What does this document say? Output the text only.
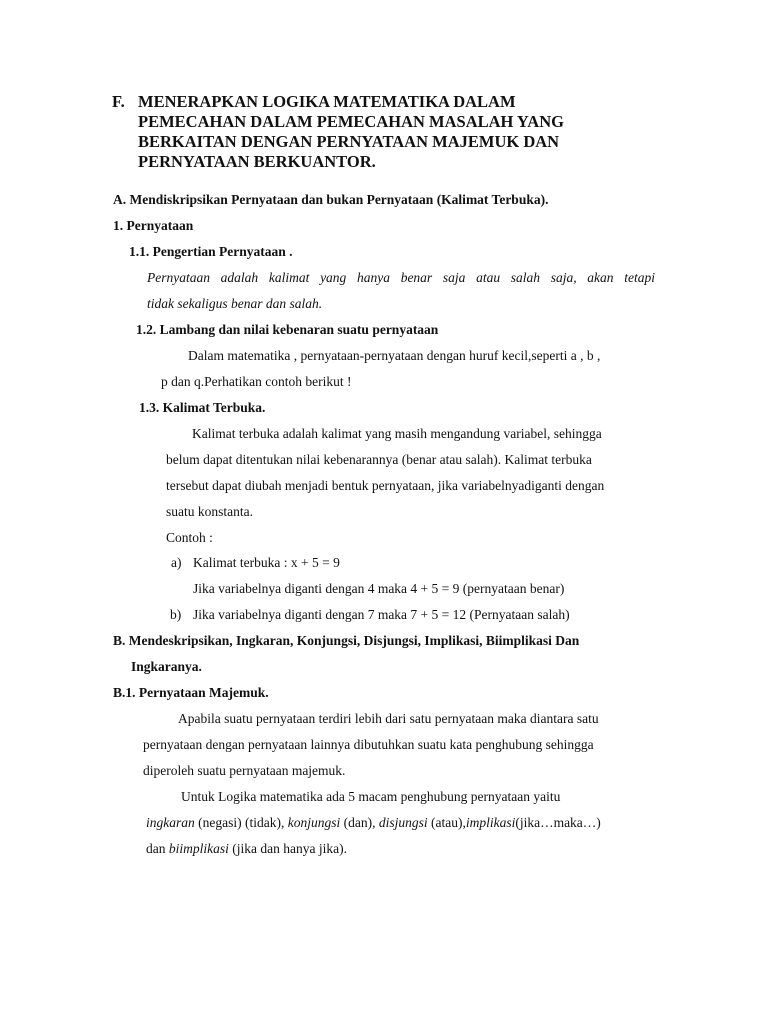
F. MENERAPKAN LOGIKA MATEMATIKA DALAM
PEMECAHAN DALAM PEMECAHAN MASALAH YANG
BERKAITAN DENGAN PERNYATAAN MAJEMUK DAN
PERNYATAAN BERKUANTOR.
A. Mendiskripsikan Pernyataan dan bukan Pernyataan (Kalimat Terbuka).
1. Pernyataan
1.1. Pengertian Pernyataan .
Pernyataan adalah kalimat yang hanya benar saja atau salah saja, akan tetapi
tidak sekaligus benar dan salah.
1.2. Lambang dan nilai kebenaran suatu pernyataan
Dalam matematika , pernyataan-pernyataan dengan huruf kecil,seperti a , b ,
p dan q.Perhatikan contoh berikut !
1.3. Kalimat Terbuka.
Kalimat terbuka adalah kalimat yang masih mengandung variabel, sehingga
belum dapat ditentukan nilai kebenarannya (benar atau salah). Kalimat terbuka
tersebut dapat diubah menjadi bentuk pernyataan, jika variabelnyadiganti dengan
suatu konstanta.
Contoh :
a) Kalimat terbuka : x + 5 = 9
Jika variabelnya diganti dengan 4 maka 4 + 5 = 9 (pernyataan benar)
b) Jika variabelnya diganti dengan 7 maka 7 + 5 = 12 (Pernyataan salah)
B. Mendeskripsikan, Ingkaran, Konjungsi, Disjungsi, Implikasi, Biimplikasi Dan
Ingkaranya.
B.1. Pernyataan Majemuk.
Apabila suatu pernyataan terdiri lebih dari satu pernyataan maka diantara satu
pernyataan dengan pernyataan lainnya dibutuhkan suatu kata penghubung sehingga
diperoleh suatu pernyataan majemuk.
Untuk Logika matematika ada 5 macam penghubung pernyataan yaitu
ingkaran (negasi) (tidak), konjungsi (dan), disjungsi (atau),implikasi(jika…maka…)
dan biimplikasi (jika dan hanya jika).
